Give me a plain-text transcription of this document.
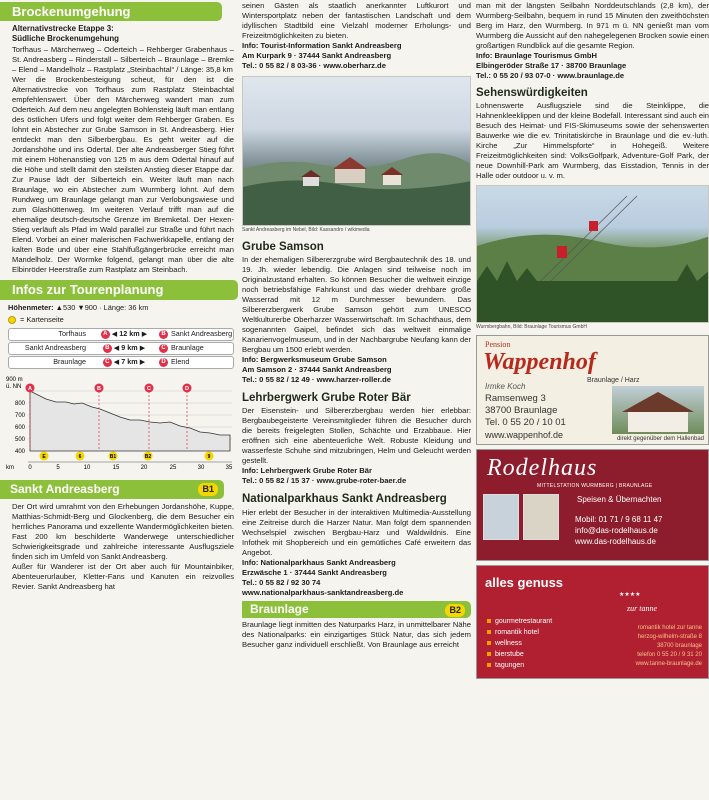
Brockenumgehung
Alternativstrecke Etappe 3:
Südliche Brockenumgehung

Torfhaus – Märchenweg – Oderteich – Rehberger Grabenhaus – St. Andreasberg – Rinderstall – Silberteich – Braunlage – Bremke – Elend – Mandelholz – Rastplatz „Steinbachtal“ / Länge: 35,8 km

Wer die Brockenbesteigung scheut, für den ist die Alternativstrecke von Torfhaus zum Rastplatz Steinbachtal empfehlenswert. Über den Märchenweg wandert man zum Oderteich. Auf dem neu angelegten Bohlensteig läuft man entlang des östlichen Ufers und folgt weiter dem Rehberger Graben. Es lohnt ein Abstecher zur Grube Samson in St. Andreasberg. Hier entdeckt man den Silberbergbau. Es geht weiter auf die Jordanshöhe und ins Odertal. Der alte Andreasberger Stieg führt mit einem Höhenanstieg von 125 m aus dem Odertal hinauf auf die Höhe und stellt damit den steilsten Anstieg dieser Etappe dar. Zur Pause lädt der Silberteich ein. Weiter läuft man nach Braunlage, wo ein Abstecher zum Wurmberg lohnt. Auf dem Rundweg um Braunlage gelangt man zur Verlobungswiese und zum Glashüttenweg. Im weiteren Verlauf trifft man auf die ehemalige deutsch-deutsche Grenze im Bremketal. Der Hexen-Stieg verläuft als Pfad im Wald parallel zur Straße und führt nach Elend. Vorbei an einer malerischen Fachwerkkapelle, entlang der kalten Bode und über eine Stahlfußgängerbrücke erreicht man Mandelholz. Der Wormke folgend, gelangt man über die alte Elbinröder Heerstraße zum Rastplatz am Steinbach.

Infos zur Tourenplanung
Höhenmeter: ▲530 ▼900 · Länge: 36 km
= Kartenseite
Torfhaus	A ◀ 12 km ▶	B Sankt Andreasberg
Sankt Andreasberg	B ◀ 9 km ▶	C Braunlage
Braunlage	C ◀ 7 km ▶	D Elend
900 m
ü. NN
800
700
600
500
400
A	B	C	D
E	6	B1	B2	9
0	5	10	15	20	25	30	35
km
Sankt Andreasberg	B1

Der Ort wird umrahmt von den Erhebungen Jordanshöhe, Kuppe, Matthias-Schmidt-Berg und Glockenberg, die dem Besucher ein herrliches Panorama und exzellente Wandermöglichkeiten bieten. Fast 200 km beschilderte Wanderwege unterschiedlicher Schwierigkeitsgrade und zahlreiche interessante Ausflugsziele finden sich im Umfeld von Sankt Andreasberg.

Außer für Wanderer ist der Ort aber auch für Mountainbiker, Abenteuerurlauber, Kletter-Fans und Kanuten ein reizvolles Revier. Sankt Andreasberg hat

seinen Gästen als staatlich anerkannter Luftkurort und Wintersportplatz neben der fantastischen Landschaft und dem idyllischen Stadtbild eine Vielzahl moderner Erholungs- und Freizeitmöglichkeiten zu bieten.

Info: Tourist-Information Sankt Andreasberg
Am Kurpark 9 · 37444 Sankt Andreasberg
Tel.: 0 55 82 / 8 03-36 · www.oberharz.de
Sankt Andreasberg im Nebel, Bild: Kassandro / wikimedia
Grube Samson

In der ehemaligen Silbererzgrube wird Bergbautechnik des 18. und 19. Jh. wieder lebendig. Die Anlagen sind teilweise noch im Originalzustand erhalten. So können Besucher die weltweit einzige noch betriebsfähige Fahrkunst und das wieder drehbare große Wasserrad mit 12 m Durchmesser bewundern. Das Silbererzbergwerk Grube Samson gehört zum UNESCO Weltkulturerbe Oberharzer Wasserwirtschaft. Im Schachthaus, dem sogenannten Gaipel, befindet sich das weltweit einmalige Kanarienvogelmuseum, und in der Nachbargrube Neufang kann der Bergbau um 1500 erlebt werden.

Info: Bergwerksmuseum Grube Samson
Am Samson 2 · 37444 Sankt Andreasberg
Tel.: 0 55 82 / 12 49 · www.harzer-roller.de
Lehrbergwerk Grube Roter Bär

Der Eisenstein- und Silbererzbergbau werden hier erlebbar: Bergbaubegeisterte Vereinsmitglieder führen die Besucher durch die bereits freigelegten Stollen, Schächte und Erzabbaue. Hier eröffnen sich eine abenteuerliche Welt. Robuste Kleidung und wasserfeste Schuhe sind mitzubringen, Helm und Geleucht werden gestellt.

Info: Lehrbergwerk Grube Roter Bär
Tel.: 0 55 82 / 15 37 · www.grube-roter-baer.de
Nationalparkhaus Sankt Andreasberg

Hier erlebt der Besucher in der interaktiven Multimedia-Ausstellung eine Zeitreise durch die Harzer Natur. Man folgt dem spannenden Wechselspiel zwischen Bergbau-Harz und Waldwildnis. Eine Infothek mit Shopbereich und ein gemütliches Café erweitern das Angebot.

Info: Nationalparkhaus Sankt Andreasberg
Erzwäsche 1 · 37444 Sankt Andreasberg
Tel.: 0 55 82 / 92 30 74
www.nationalparkhaus-sanktandreasberg.de
Braunlage	B2

Braunlage liegt inmitten des Naturparks Harz, in unmittelbarer Nähe des Nationalparks: ein einzigartiges Stück Natur, das sich jedem Besucher ganz individuell erschließt. Von Braunlage aus erreicht

man mit der längsten Seilbahn Norddeutschlands (2,8 km), der Wurmberg-Seilbahn, bequem in rund 15 Minuten den zweithöchsten Berg im Harz, den Wurmberg. In 971 m ü. NN genießt man vom Wurmberg die Aussicht auf den nahegelegenen Brocken sowie einen großartigen Rundblick auf die gesamte Region.

Info: Braunlage Tourismus GmbH
Elbingeröder Straße 17 · 38700 Braunlage
Tel.: 0 55 20 / 93 07-0 · www.braunlage.de
Sehenswürdigkeiten

Lohnenswerte Ausflugsziele sind die Steinklippe, die Hahnenkleeklippen und der kleine Bodefall. Interessant sind auch ein Besuch des Heimat- und FIS-Skimuseums sowie der sehenswerten Bauwerke wie die ev. Trinitatiskirche in Braunlage und die ev.-luth. Kirche „Zur Himmelspforte“ in Hohegeiß. Weitere Freizeitmöglichkeiten sind: VolksGolfpark, Adventure-Golf Park, der neue Downhill-Park am Wurmberg, das Eisstadion, Tennis in der Halle oder outdoor u. v. m.

Wurmbergbahn, Bild: Braunlage Tourismus GmbH
Pension
Wappenhof
Braunlage / Harz
Irmke Koch
Ramsenweg 3
38700 Braunlage
Tel. 0 55 20 / 10 01
www.wappenhof.de	direkt gegenüber dem Hallenbad
Rodelhaus
MITTELSTATION WURMBERG | BRAUNLAGE
Speisen & Übernachten
Mobil: 01 71 / 9 68 11 47
info@das-rodelhaus.de
www.das-rodelhaus.de
alles genuss
zur tanne
★★★★
gourmetrestaurant
romantik hotel
wellness
bierstube
tagungen
romantik hotel zur tanne
herzog-wilhelm-straße 8
38700 braunlage
telefon 0 55 20 / 9 31 20
www.tanne-braunlage.de
